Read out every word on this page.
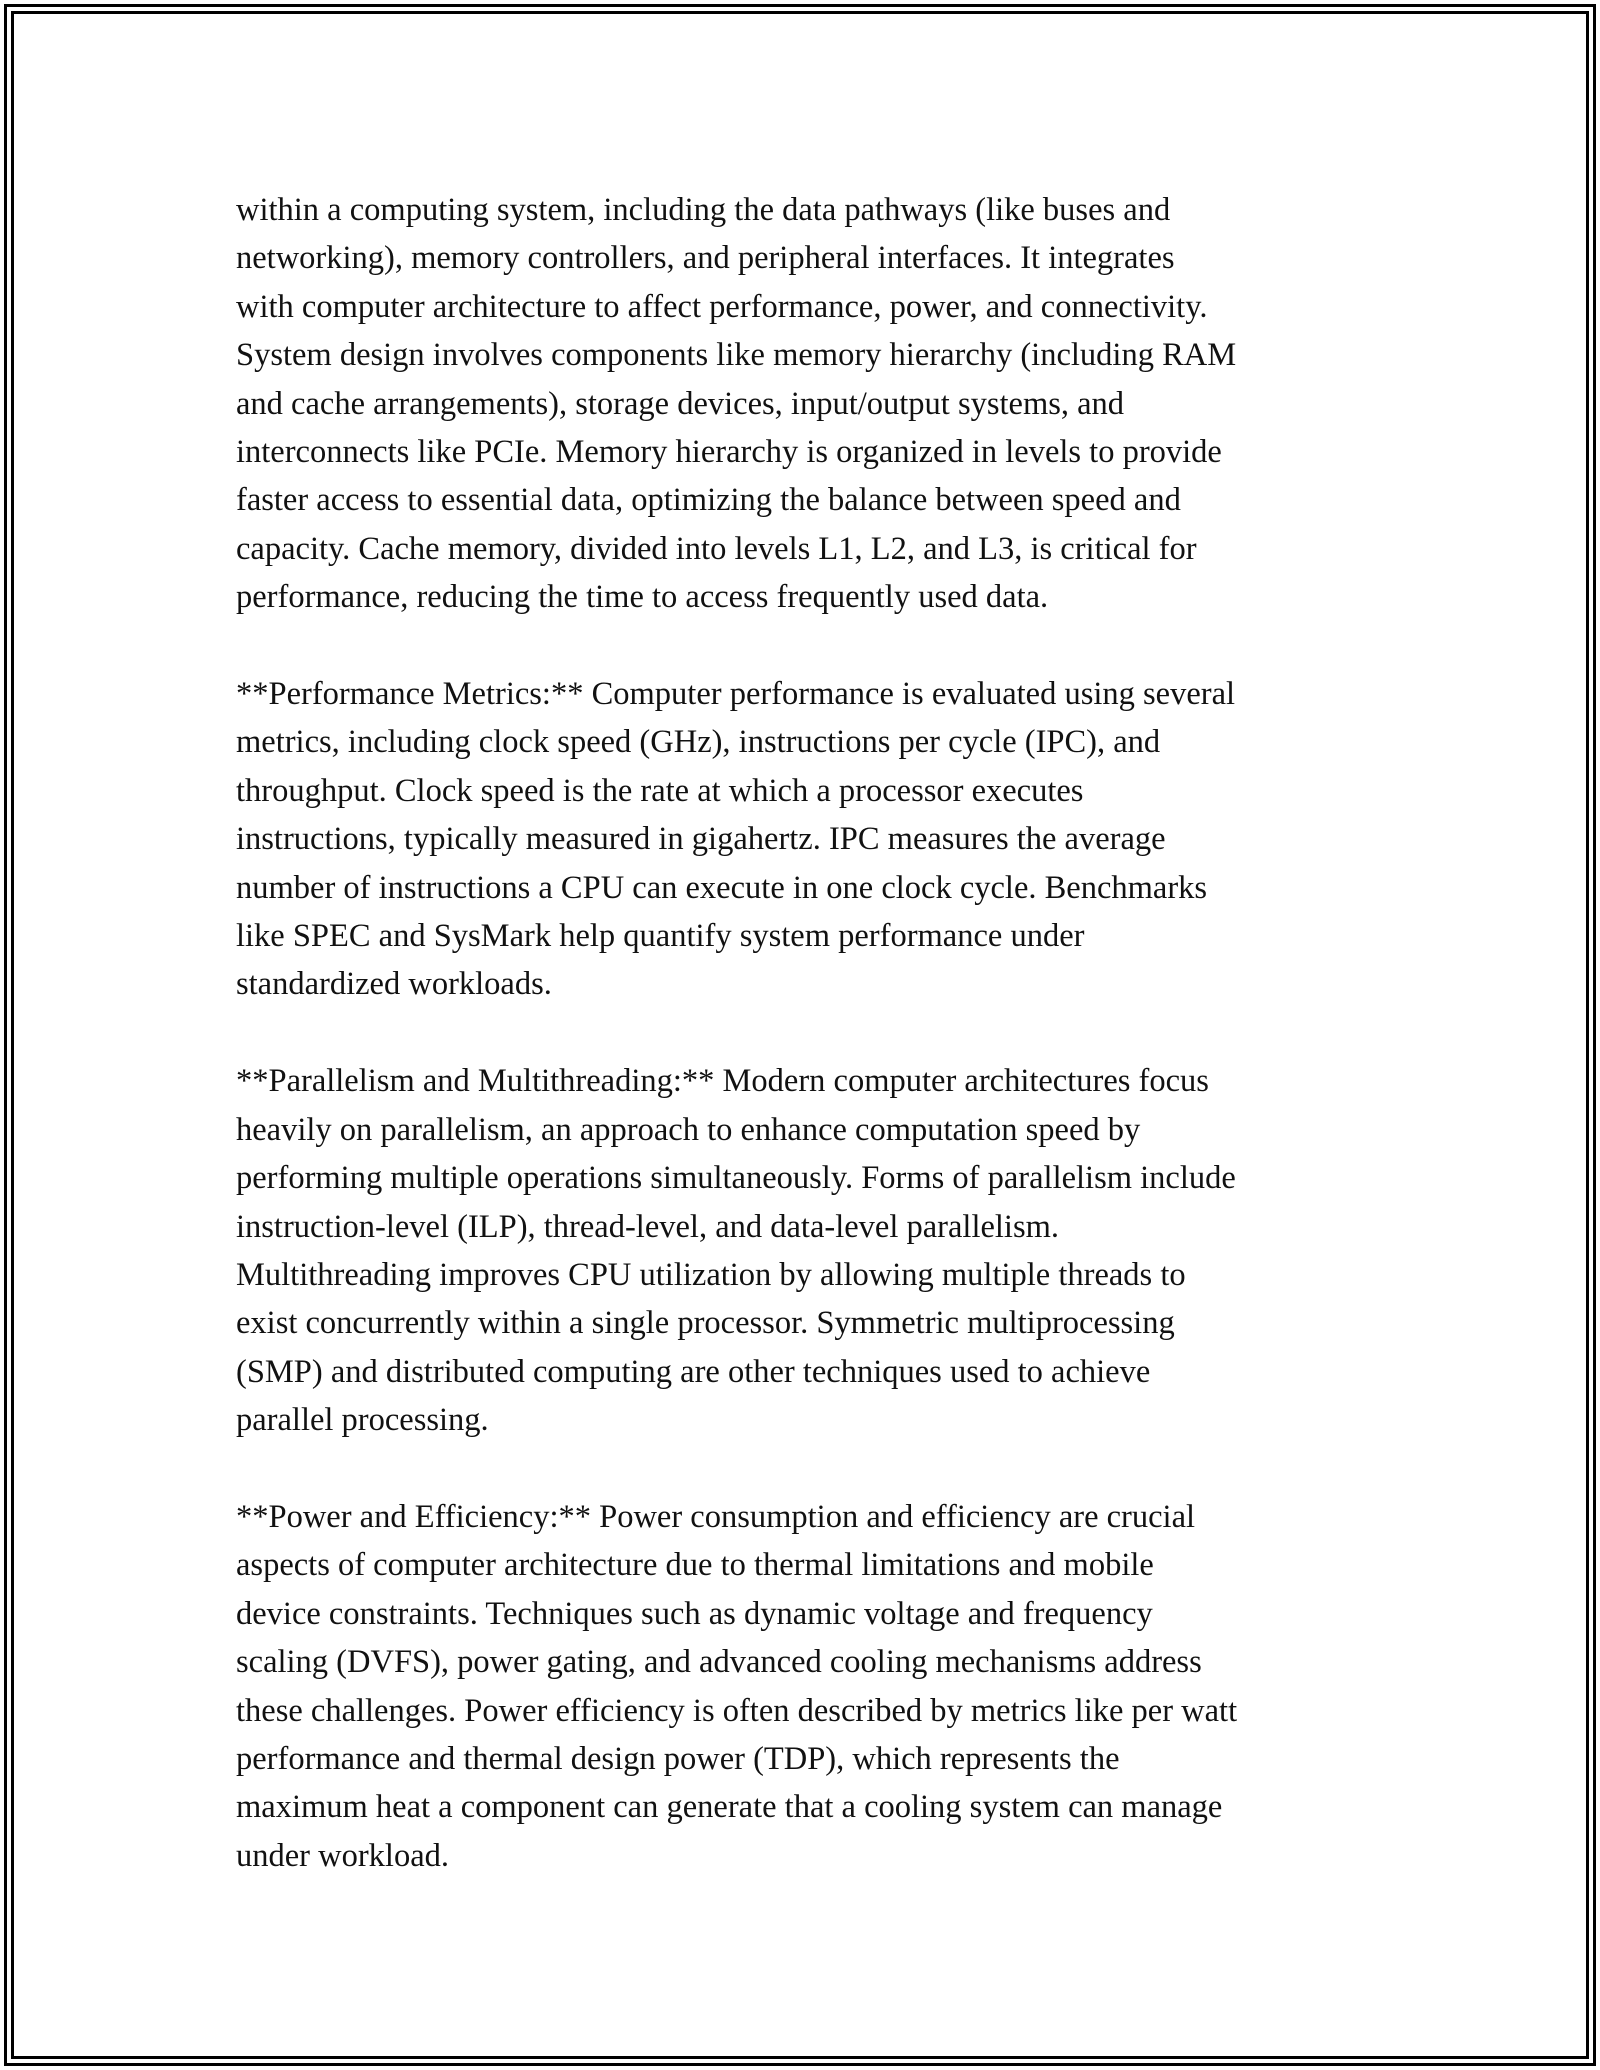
within a computing system, including the data pathways (like buses and
networking), memory controllers, and peripheral interfaces. It integrates
with computer architecture to affect performance, power, and connectivity.
System design involves components like memory hierarchy (including RAM
and cache arrangements), storage devices, input/output systems, and
interconnects like PCIe. Memory hierarchy is organized in levels to provide
faster access to essential data, optimizing the balance between speed and
capacity. Cache memory, divided into levels L1, L2, and L3, is critical for
performance, reducing the time to access frequently used data.

**Performance Metrics:** Computer performance is evaluated using several
metrics, including clock speed (GHz), instructions per cycle (IPC), and
throughput. Clock speed is the rate at which a processor executes
instructions, typically measured in gigahertz. IPC measures the average
number of instructions a CPU can execute in one clock cycle. Benchmarks
like SPEC and SysMark help quantify system performance under
standardized workloads.

**Parallelism and Multithreading:** Modern computer architectures focus
heavily on parallelism, an approach to enhance computation speed by
performing multiple operations simultaneously. Forms of parallelism include
instruction-level (ILP), thread-level, and data-level parallelism.
Multithreading improves CPU utilization by allowing multiple threads to
exist concurrently within a single processor. Symmetric multiprocessing
(SMP) and distributed computing are other techniques used to achieve
parallel processing.

**Power and Efficiency:** Power consumption and efficiency are crucial
aspects of computer architecture due to thermal limitations and mobile
device constraints. Techniques such as dynamic voltage and frequency
scaling (DVFS), power gating, and advanced cooling mechanisms address
these challenges. Power efficiency is often described by metrics like per watt
performance and thermal design power (TDP), which represents the
maximum heat a component can generate that a cooling system can manage
under workload.
